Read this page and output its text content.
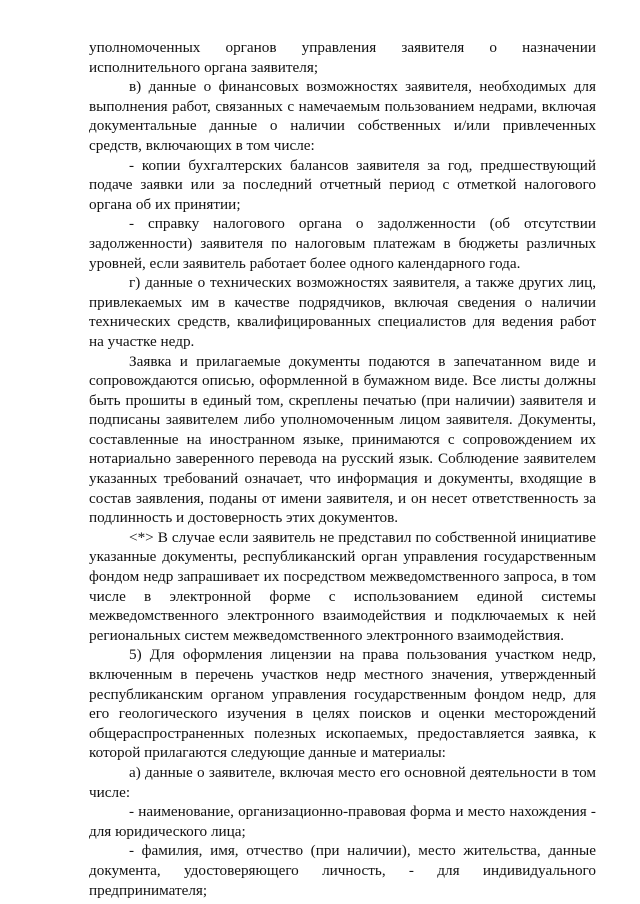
уполномоченных органов управления заявителя о назначении исполнительного органа заявителя;

в) данные о финансовых возможностях заявителя, необходимых для выполнения работ, связанных с намечаемым пользованием недрами, включая документальные данные о наличии собственных и/или привлеченных средств, включающих в том числе:

- копии бухгалтерских балансов заявителя за год, предшествующий подаче заявки или за последний отчетный период с отметкой налогового органа об их принятии;

- справку налогового органа о задолженности (об отсутствии задолженности) заявителя по налоговым платежам в бюджеты различных уровней, если заявитель работает более одного календарного года.

г) данные о технических возможностях заявителя, а также других лиц, привлекаемых им в качестве подрядчиков, включая сведения о наличии технических средств, квалифицированных специалистов для ведения работ на участке недр.

Заявка и прилагаемые документы подаются в запечатанном виде и сопровождаются описью, оформленной в бумажном виде. Все листы должны быть прошиты в единый том, скреплены печатью (при наличии) заявителя и подписаны заявителем либо уполномоченным лицом заявителя. Документы, составленные на иностранном языке, принимаются с сопровождением их нотариально заверенного перевода на русский язык. Соблюдение заявителем указанных требований означает, что информация и документы, входящие в состав заявления, поданы от имени заявителя, и он несет ответственность за подлинность и достоверность этих документов.

<*> В случае если заявитель не представил по собственной инициативе указанные документы, республиканский орган управления государственным фондом недр запрашивает их посредством межведомственного запроса, в том числе в электронной форме с использованием единой системы межведомственного электронного взаимодействия и подключаемых к ней региональных систем межведомственного электронного взаимодействия.

5) Для оформления лицензии на права пользования участком недр, включенным в перечень участков недр местного значения, утвержденный республиканским органом управления государственным фондом недр, для его геологического изучения в целях поисков и оценки месторождений общераспространенных полезных ископаемых, предоставляется заявка, к которой прилагаются следующие данные и материалы:

а) данные о заявителе, включая место его основной деятельности в том числе:

- наименование, организационно-правовая форма и место нахождения - для юридического лица;

- фамилия, имя, отчество (при наличии), место жительства, данные документа, удостоверяющего личность, - для индивидуального предпринимателя;
